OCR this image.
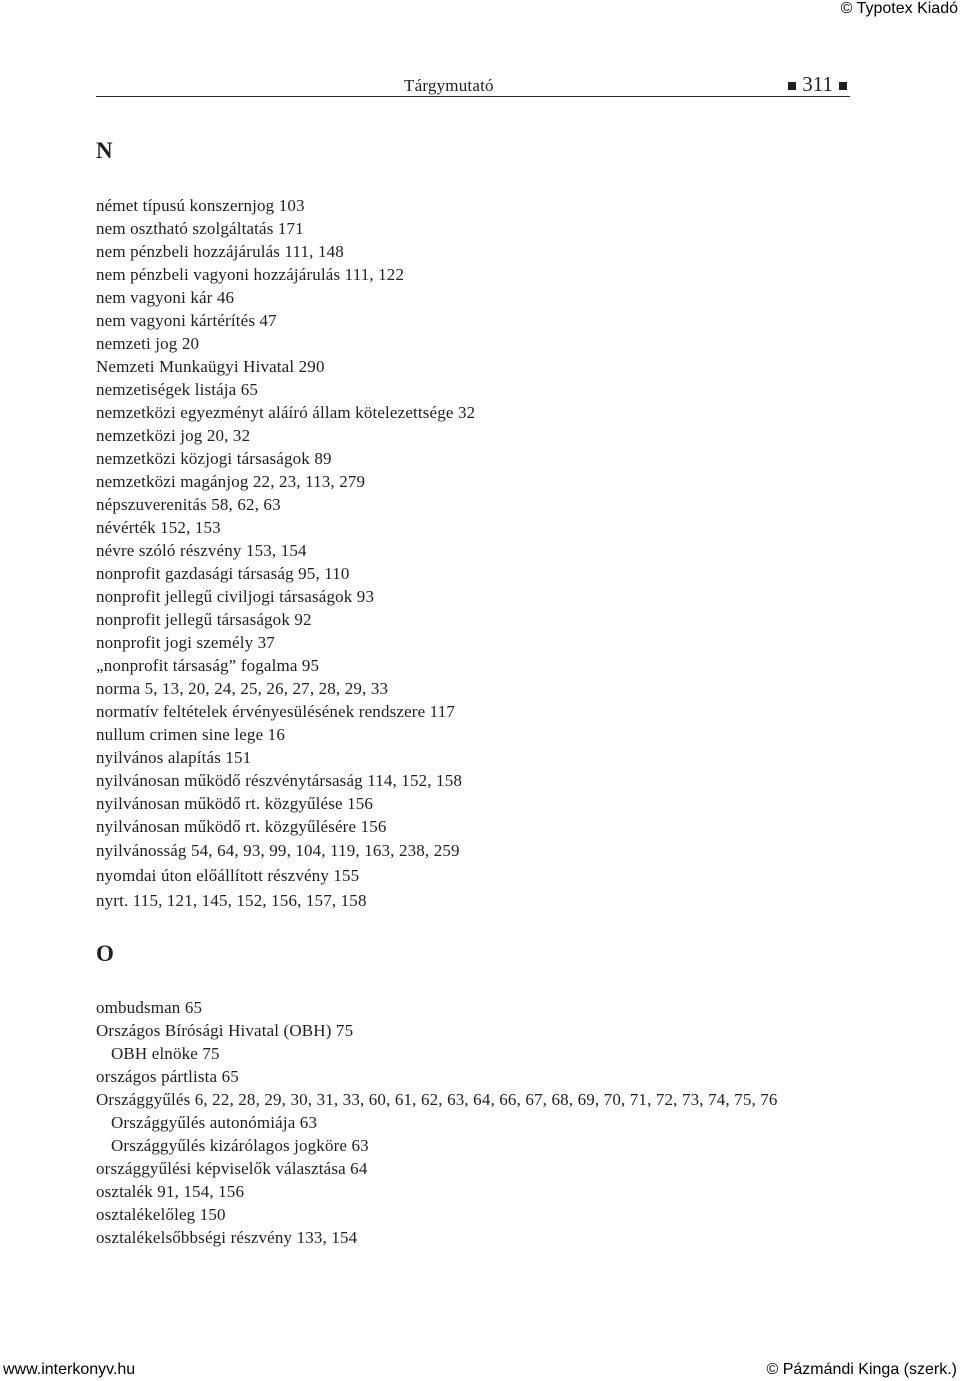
© Typotex Kiadó
Tárgymutató	311
N
német típusú konszernjog 103
nem osztható szolgáltatás 171
nem pénzbeli hozzájárulás 111, 148
nem pénzbeli vagyoni hozzájárulás 111, 122
nem vagyoni kár 46
nem vagyoni kártérítés 47
nemzeti jog 20
Nemzeti Munkaügyi Hivatal 290
nemzetiségek listája 65
nemzetközi egyezményt aláíró állam kötelezettsége 32
nemzetközi jog 20, 32
nemzetközi közjogi társaságok 89
nemzetközi magánjog 22, 23, 113, 279
népszuverenitás 58, 62, 63
névérték 152, 153
névre szóló részvény 153, 154
nonprofit gazdasági társaság 95, 110
nonprofit jellegű civiljogi társaságok 93
nonprofit jellegű társaságok 92
nonprofit jogi személy 37
„nonprofit társaság” fogalma 95
norma 5, 13, 20, 24, 25, 26, 27, 28, 29, 33
normatív feltételek érvényesülésének rendszere 117
nullum crimen sine lege 16
nyilvános alapítás 151
nyilvánosan működő részvénytársaság 114, 152, 158
nyilvánosan működő rt. közgyűlése 156
nyilvánosan működő rt. közgyűlésére 156
nyilvánosság 54, 64, 93, 99, 104, 119, 163, 238, 259
nyomdai úton előállított részvény 155
nyrt. 115, 121, 145, 152, 156, 157, 158
O
ombudsman 65
Országos Bírósági Hivatal (OBH) 75
OBH elnöke 75
országos pártlista 65
Országgyűlés 6, 22, 28, 29, 30, 31, 33, 60, 61, 62, 63, 64, 66, 67, 68, 69, 70, 71, 72, 73, 74, 75, 76
Országgyűlés autonómiája 63
Országgyűlés kizárólagos jogköre 63
országgyűlési képviselők választása 64
osztalék 91, 154, 156
osztalékelőleg 150
osztalékelsőbbségi részvény 133, 154
www.interkonyv.hu	© Pázmándi Kinga (szerk.)
